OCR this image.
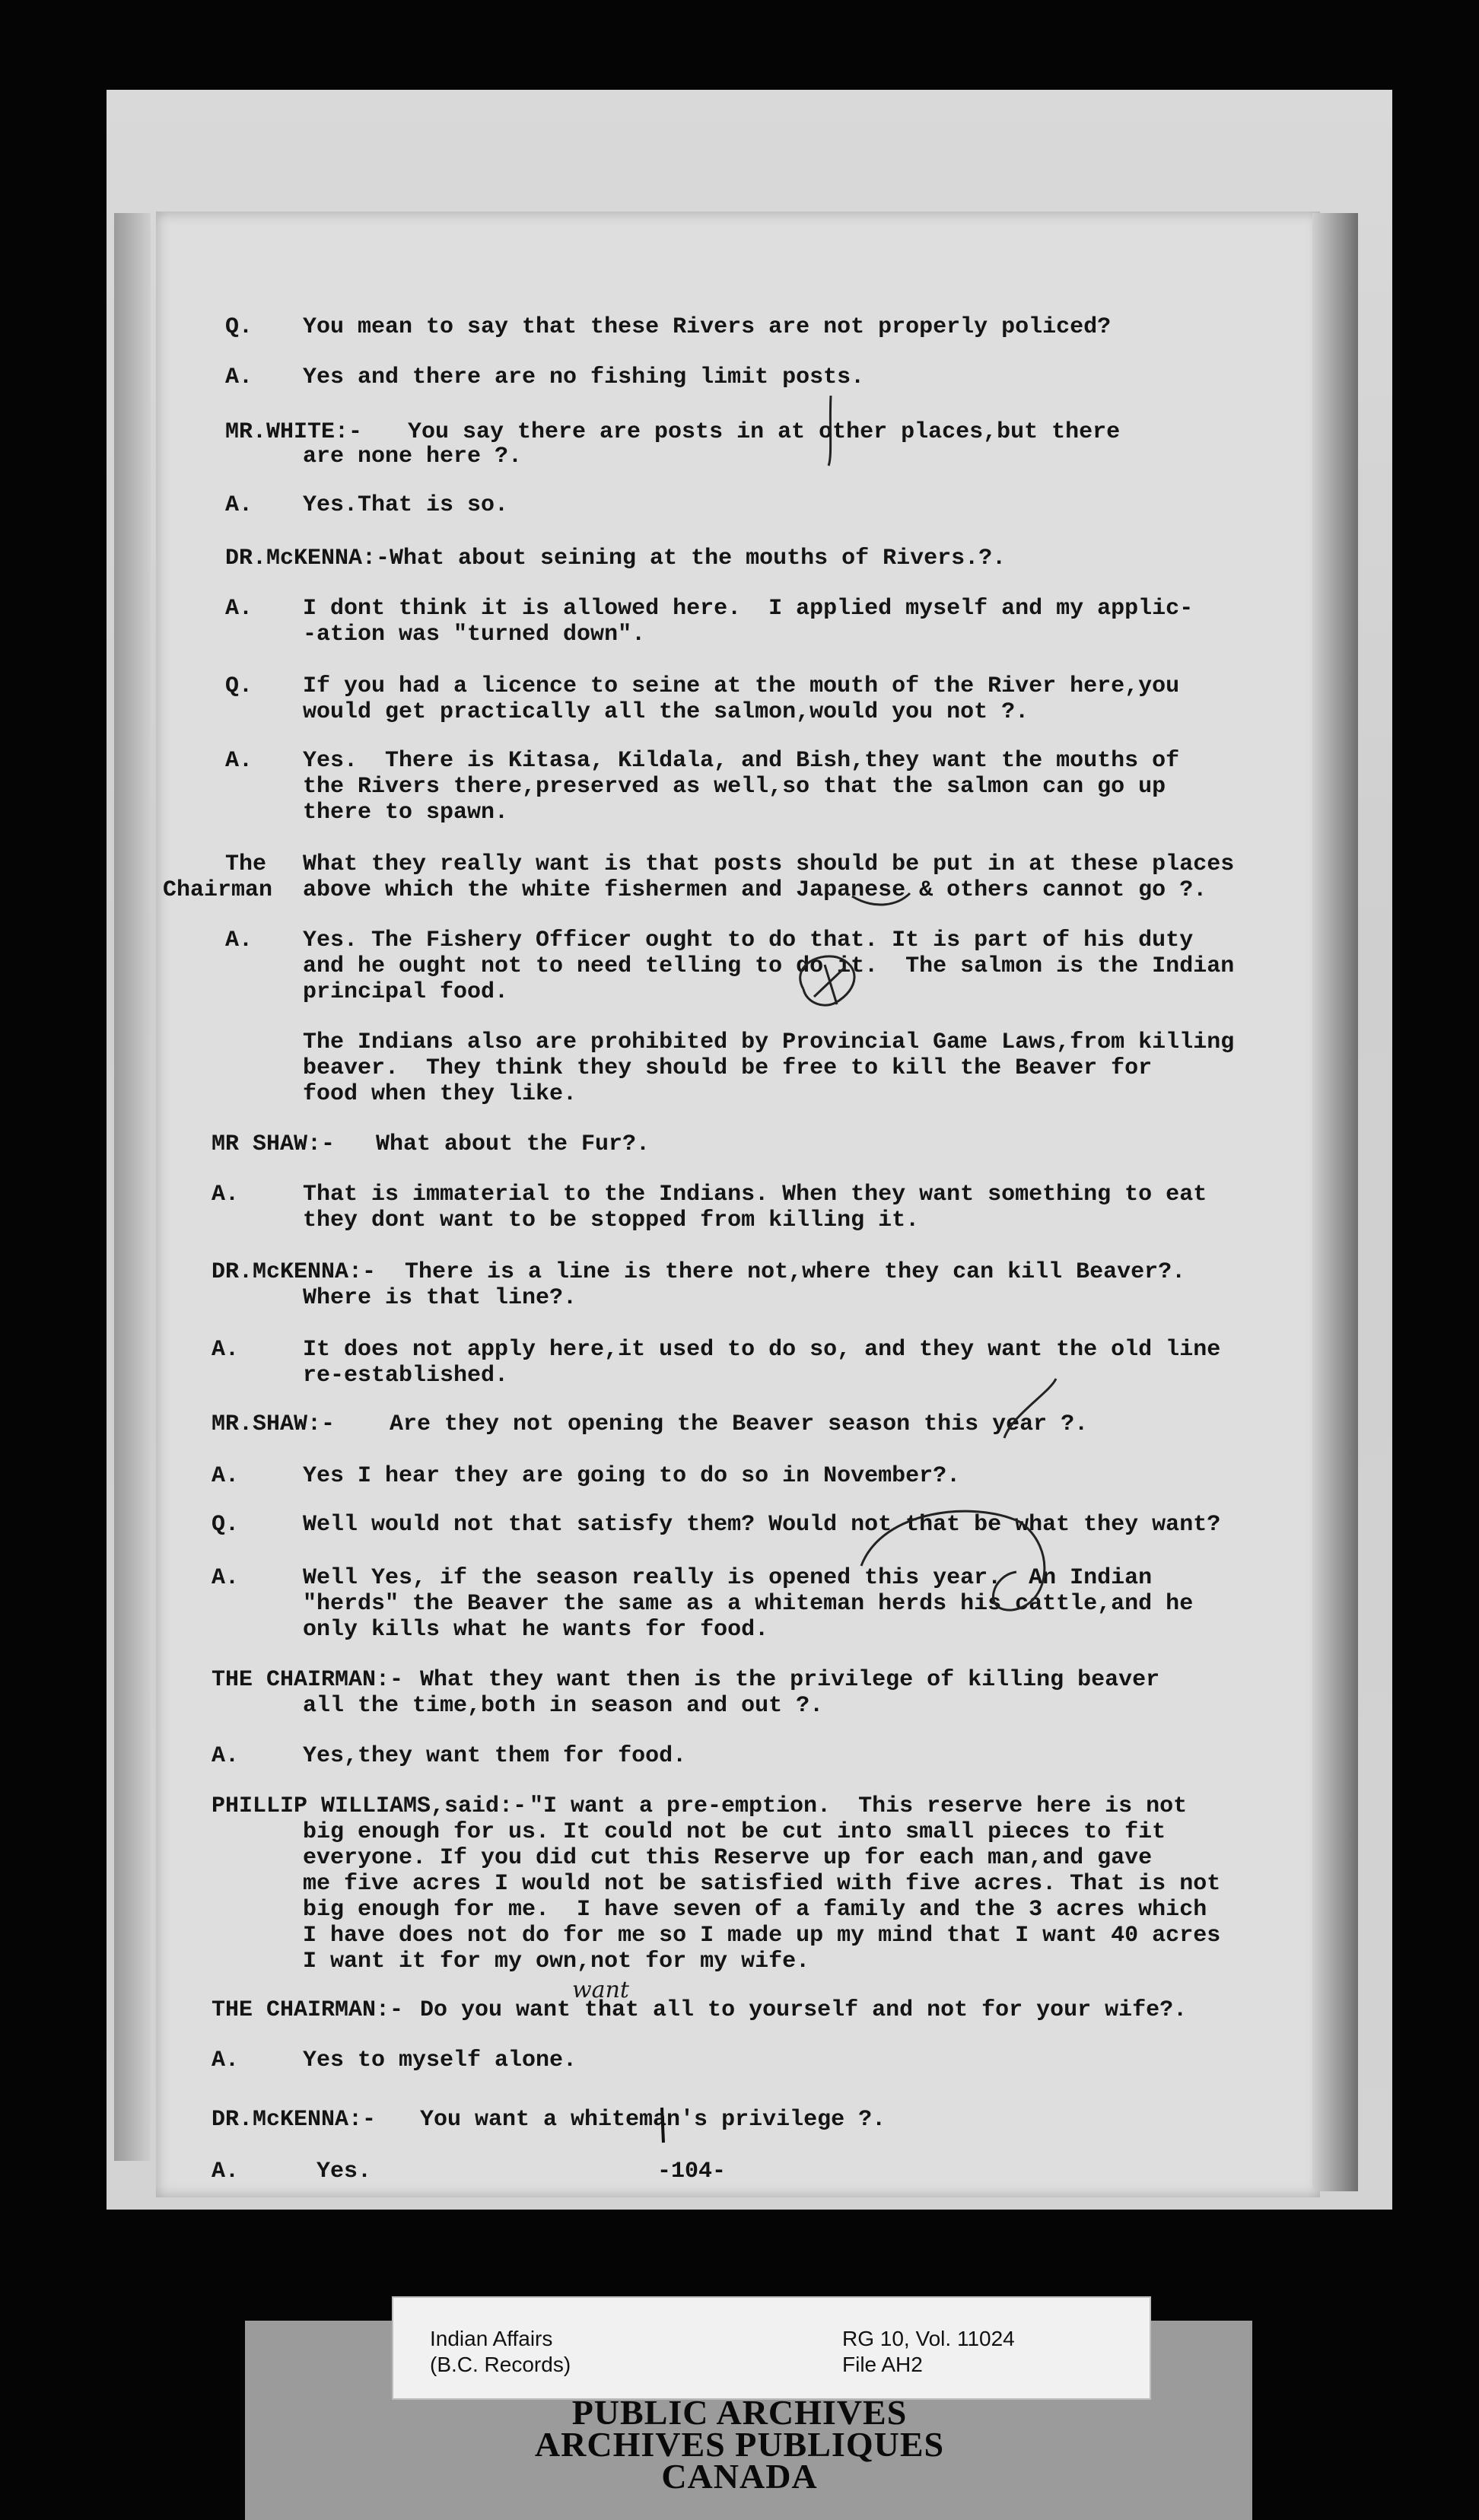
Q.
A.
MR.WHITE:-
A.
DR.McKENNA:-
A.
Q.
A.
The
Chairman
A.
MR SHAW:-
A.
DR.McKENNA:-
A.
MR.SHAW:-
A.
Q.
A.
THE CHAIRMAN:-
A.
PHILLIP WILLIAMS,said:-
THE CHAIRMAN:-
A.
DR.McKENNA:-
A.
You mean to say that these Rivers are not properly policed?
Yes and there are no fishing limit posts.
You say there are posts in at other places,but there
are none here ?.
Yes.That is so.
What about seining at the mouths of Rivers.?.
I dont think it is allowed here.  I applied myself and my applic-
-ation was "turned down".
If you had a licence to seine at the mouth of the River here,you
would get practically all the salmon,would you not ?.
Yes.  There is Kitasa, Kildala, and Bish,they want the mouths of
the Rivers there,preserved as well,so that the salmon can go up
there to spawn.
What they really want is that posts should be put in at these places
above which the white fishermen and Japanese & others cannot go ?.
Yes. The Fishery Officer ought to do that. It is part of his duty
and he ought not to need telling to do it.  The salmon is the Indian
principal food.
The Indians also are prohibited by Provincial Game Laws,from killing
beaver.  They think they should be free to kill the Beaver for
food when they like.
What about the Fur?.
That is immaterial to the Indians. When they want something to eat
they dont want to be stopped from killing it.
There is a line is there not,where they can kill Beaver?.
Where is that line?.
It does not apply here,it used to do so, and they want the old line
re-established.
Are they not opening the Beaver season this year ?.
Yes I hear they are going to do so in November?.
Well would not that satisfy them? Would not that be what they want?
Well Yes, if the season really is opened this year.  An Indian
"herds" the Beaver the same as a whiteman herds his cattle,and he
only kills what he wants for food.
What they want then is the privilege of killing beaver
all the time,both in season and out ?.
Yes,they want them for food.
"I want a pre-emption.  This reserve here is not
big enough for us. It could not be cut into small pieces to fit
everyone. If you did cut this Reserve up for each man,and gave
me five acres I would not be satisfied with five acres. That is not
big enough for me.  I have seven of a family and the 3 acres which
I have does not do for me so I made up my mind that I want 40 acres
I want it for my own,not for my wife.
Do you want that all to yourself and not for your wife?.
Yes to myself alone.
You want a whiteman's privilege ?.
Yes.	-104-
want
Indian Affairs
(B.C. Records)
RG 10, Vol. 11024
File AH2
PUBLIC ARCHIVES
ARCHIVES PUBLIQUES
CANADA
